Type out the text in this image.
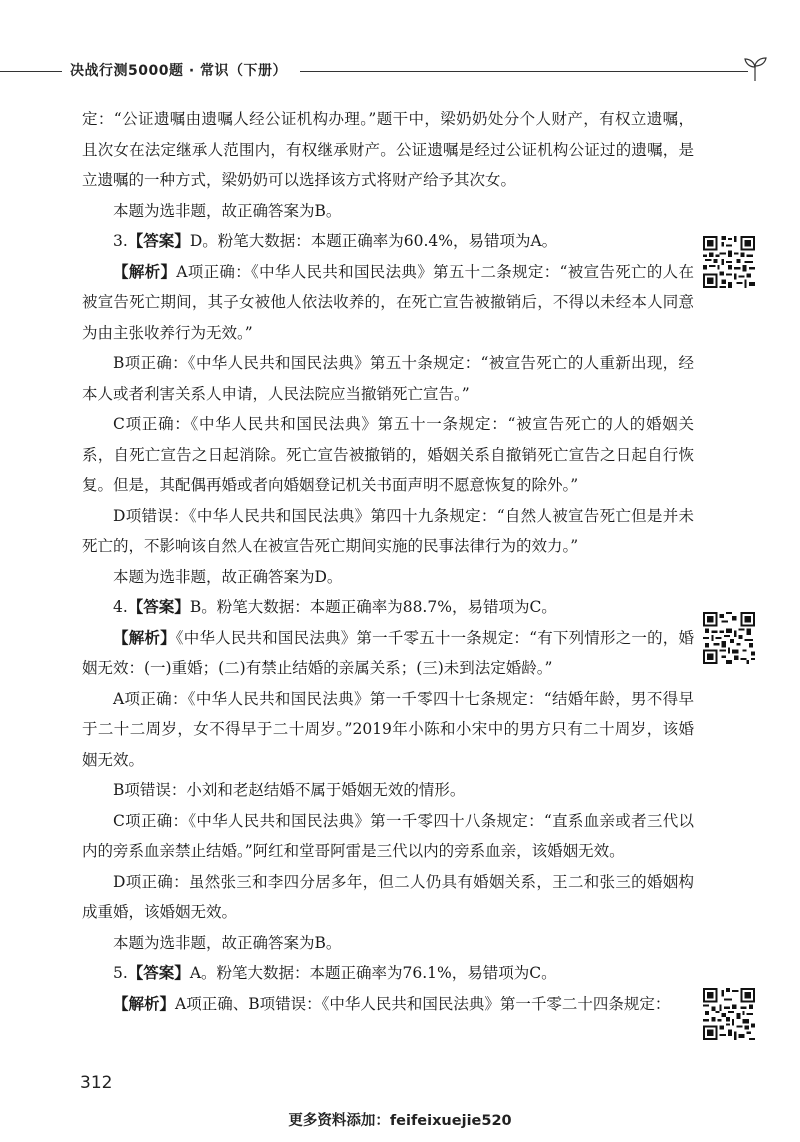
决战行测5000题 · 常识（下册）

定：“公证遗嘱由遗嘱人经公证机构办理。”题干中，梁奶奶处分个人财产，有权立遗嘱，且次女在法定继承人范围内，有权继承财产。公证遗嘱是经过公证机构公证过的遗嘱，是立遗嘱的一种方式，梁奶奶可以选择该方式将财产给予其次女。

本题为选非题，故正确答案为B。

3.【答案】D。粉笔大数据：本题正确率为60.4%，易错项为A。

【解析】A项正确：《中华人民共和国民法典》第五十二条规定：“被宣告死亡的人在被宣告死亡期间，其子女被他人依法收养的，在死亡宣告被撤销后，不得以未经本人同意为由主张收养行为无效。”

B项正确：《中华人民共和国民法典》第五十条规定：“被宣告死亡的人重新出现，经本人或者利害关系人申请，人民法院应当撤销死亡宣告。”

C项正确：《中华人民共和国民法典》第五十一条规定：“被宣告死亡的人的婚姻关系，自死亡宣告之日起消除。死亡宣告被撤销的，婚姻关系自撤销死亡宣告之日起自行恢复。但是，其配偶再婚或者向婚姻登记机关书面声明不愿意恢复的除外。”

D项错误：《中华人民共和国民法典》第四十九条规定：“自然人被宣告死亡但是并未死亡的，不影响该自然人在被宣告死亡期间实施的民事法律行为的效力。”

本题为选非题，故正确答案为D。

4.【答案】B。粉笔大数据：本题正确率为88.7%，易错项为C。

【解析】《中华人民共和国民法典》第一千零五十一条规定：“有下列情形之一的，婚姻无效：(一)重婚；(二)有禁止结婚的亲属关系；(三)未到法定婚龄。”

A项正确：《中华人民共和国民法典》第一千零四十七条规定：“结婚年龄，男不得早于二十二周岁，女不得早于二十周岁。”2019年小陈和小宋中的男方只有二十周岁，该婚姻无效。

B项错误：小刘和老赵结婚不属于婚姻无效的情形。

C项正确：《中华人民共和国民法典》第一千零四十八条规定：“直系血亲或者三代以内的旁系血亲禁止结婚。”阿红和堂哥阿雷是三代以内的旁系血亲，该婚姻无效。

D项正确：虽然张三和李四分居多年，但二人仍具有婚姻关系，王二和张三的婚姻构成重婚，该婚姻无效。

本题为选非题，故正确答案为B。

5.【答案】A。粉笔大数据：本题正确率为76.1%，易错项为C。

【解析】A项正确、B项错误：《中华人民共和国民法典》第一千零二十四条规定：

312
更多资料添加：feifeixuejie520
